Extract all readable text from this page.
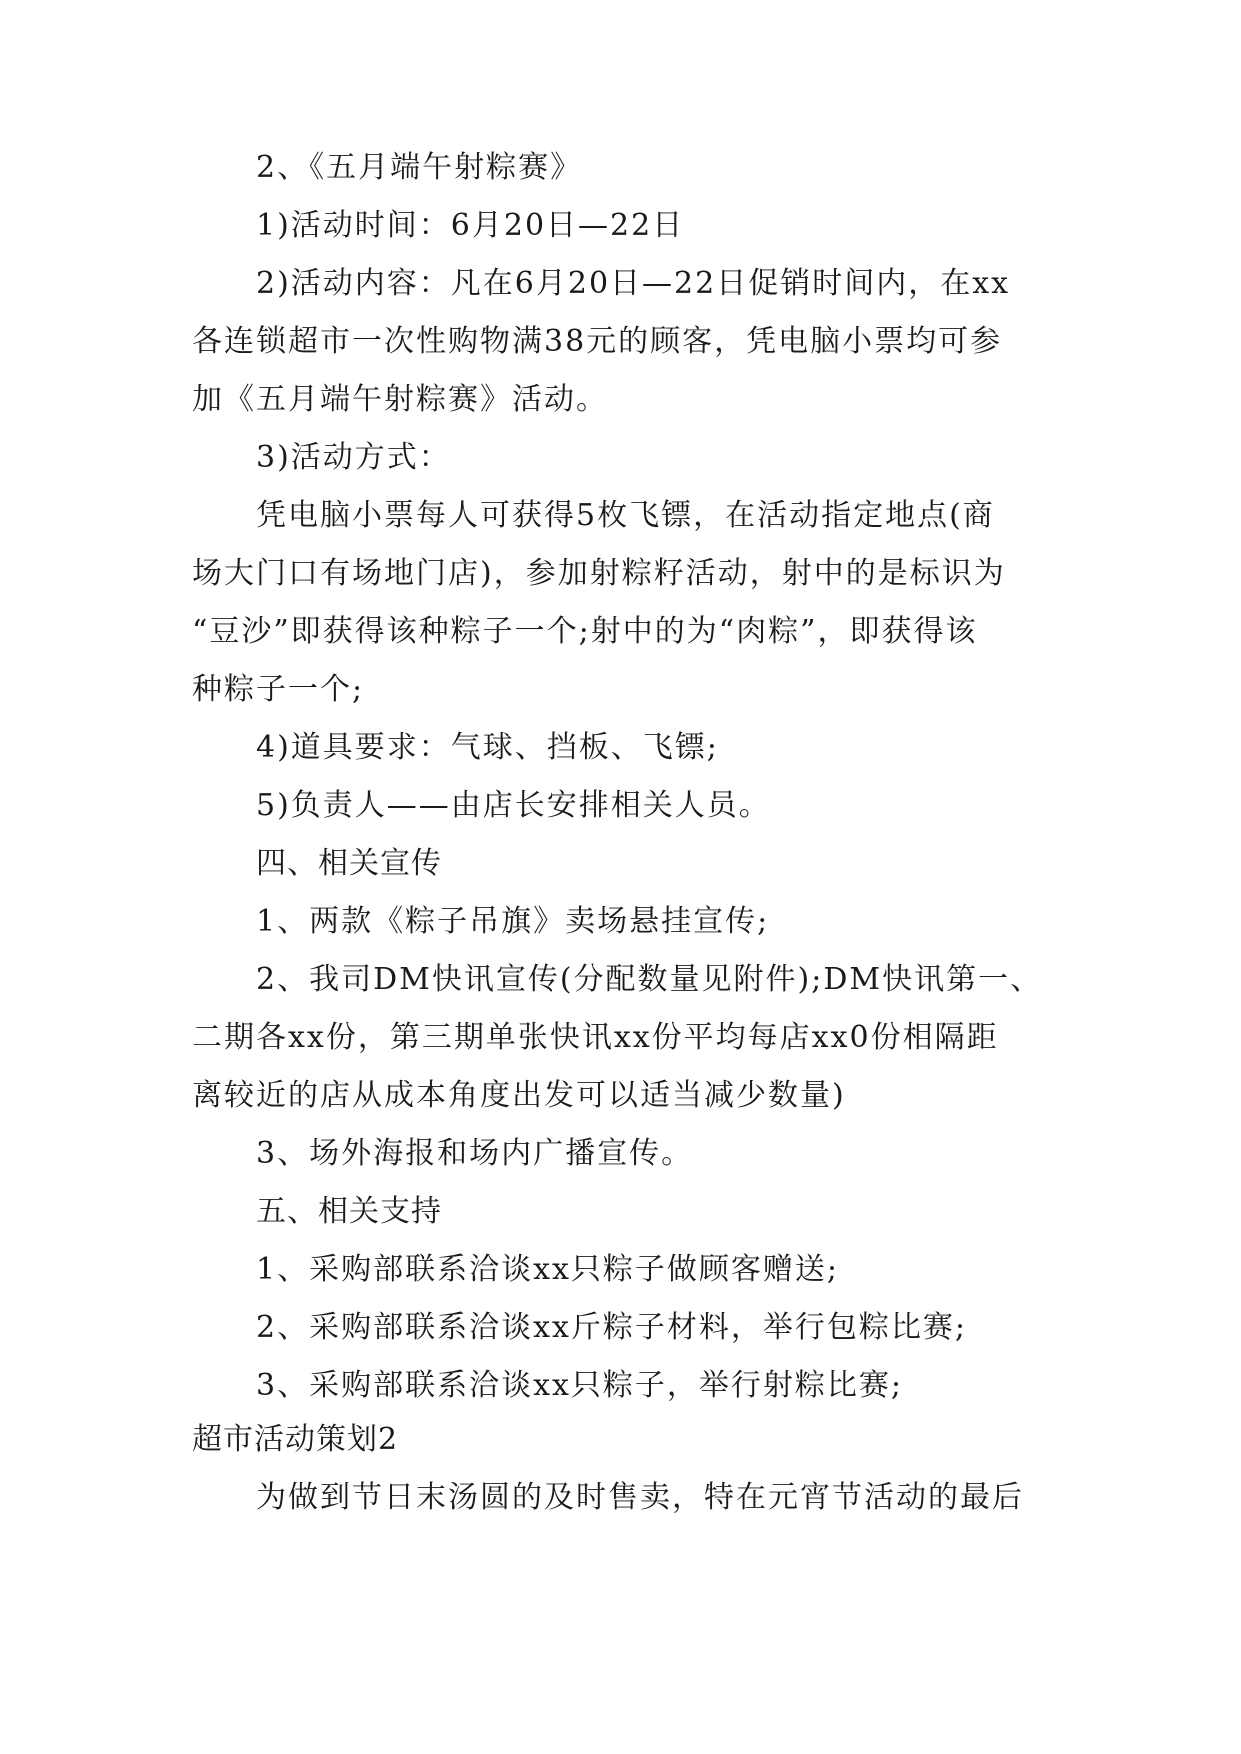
2、《五月端午射粽赛》
1)活动时间：6月20日—22日
2)活动内容：凡在6月20日—22日促销时间内，在xx
各连锁超市一次性购物满38元的顾客，凭电脑小票均可参
加《五月端午射粽赛》活动。
3)活动方式：
凭电脑小票每人可获得5枚飞镖，在活动指定地点(商
场大门口有场地门店)，参加射粽籽活动，射中的是标识为
“豆沙”即获得该种粽子一个;射中的为“肉粽”，即获得该
种粽子一个;
4)道具要求：气球、挡板、飞镖;
5)负责人——由店长安排相关人员。
四、相关宣传
1、两款《粽子吊旗》卖场悬挂宣传;
2、我司DM快讯宣传(分配数量见附件);DM快讯第一、
二期各xx份，第三期单张快讯xx份平均每店xx0份相隔距
离较近的店从成本角度出发可以适当减少数量)
3、场外海报和场内广播宣传。
五、相关支持
1、采购部联系洽谈xx只粽子做顾客赠送;
2、采购部联系洽谈xx斤粽子材料，举行包粽比赛;
3、采购部联系洽谈xx只粽子，举行射粽比赛;
超市活动策划2
为做到节日末汤圆的及时售卖，特在元宵节活动的最后
